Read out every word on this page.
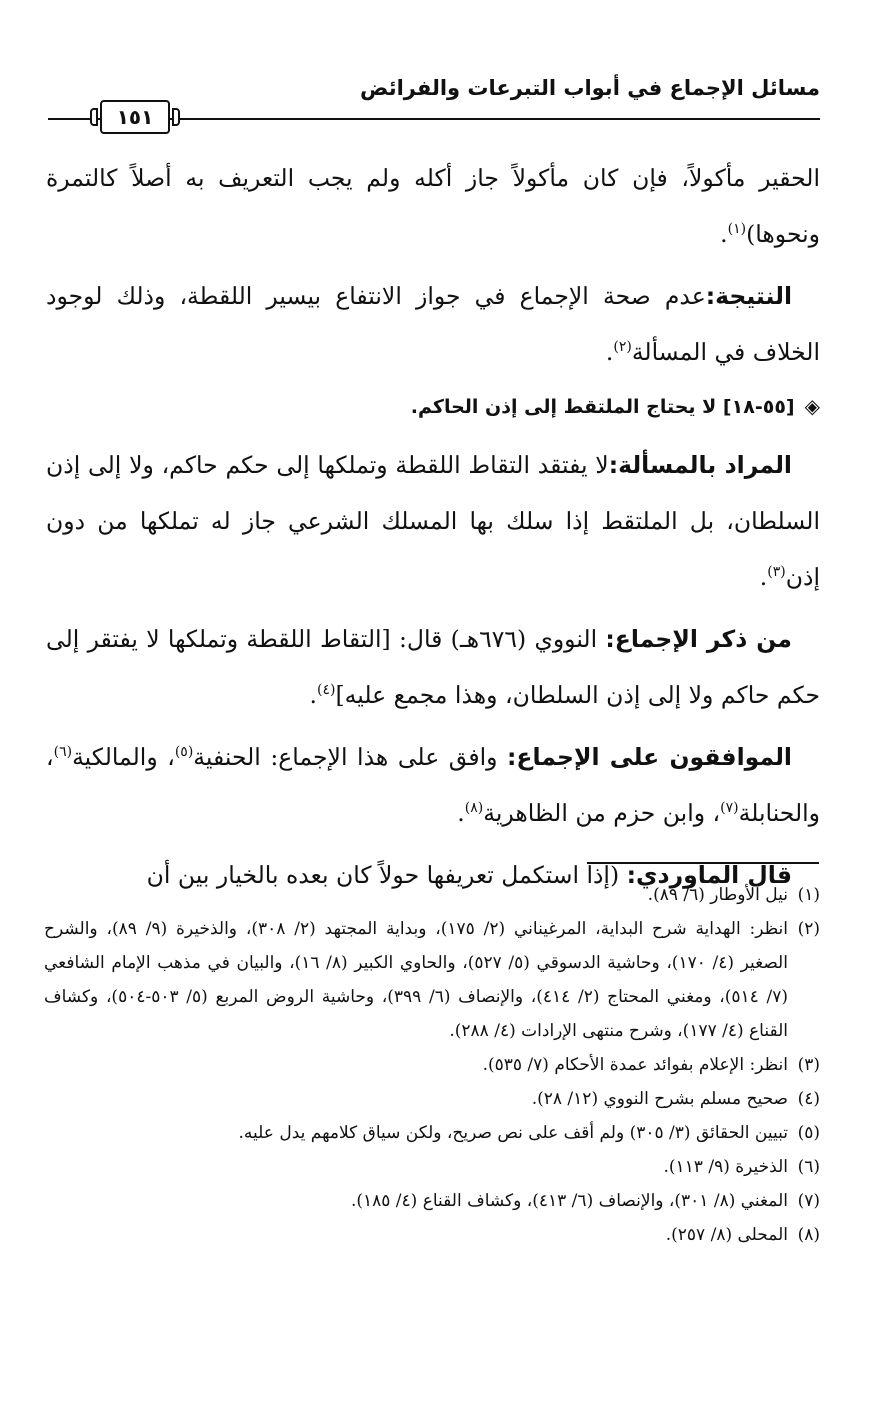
مسائل الإجماع في أبواب التبرعات والفرائض
١٥١

الحقير مأكولاً، فإن كان مأكولاً جاز أكله ولم يجب التعريف به أصلاً كالتمرة ونحوها)$^{(١)}$.

النتيجة:عدم صحة الإجماع في جواز الانتفاع بيسير اللقطة، وذلك لوجود الخلاف في المسألة$^{(٢)}$.

◈[٥٥-١٨] لا يحتاج الملتقط إلى إذن الحاكم.

المراد بالمسألة:لا يفتقد التقاط اللقطة وتملكها إلى حكم حاكم، ولا إلى إذن السلطان، بل الملتقط إذا سلك بها المسلك الشرعي جاز له تملكها من دون إذن$^{(٣)}$.

من ذكر الإجماع: النووي (٦٧٦هـ) قال: [التقاط اللقطة وتملكها لا يفتقر إلى حكم حاكم ولا إلى إذن السلطان، وهذا مجمع عليه]$^{(٤)}$.

الموافقون على الإجماع: وافق على هذا الإجماع: الحنفية$^{(٥)}$، والمالكية$^{(٦)}$، والحنابلة$^{(٧)}$، وابن حزم من الظاهرية$^{(٨)}$.

قال الماوردي: (إذا استكمل تعريفها حولاً كان بعده بالخيار بين أن

(١)
نيل الأوطار (٦/ ٨٩).
(٢)
انظر: الهداية شرح البداية، المرغيناني (٢/ ١٧٥)، وبداية المجتهد (٢/ ٣٠٨)، والذخيرة (٩/ ٨٩)، والشرح الصغير (٤/ ١٧٠)، وحاشية الدسوقي (٥/ ٥٢٧)، والحاوي الكبير (٨/ ١٦)، والبيان في مذهب الإمام الشافعي (٧/ ٥١٤)، ومغني المحتاج (٢/ ٤١٤)، والإنصاف (٦/ ٣٩٩)، وحاشية الروض المربع (٥/ ٥٠٣-٥٠٤)، وكشاف القناع (٤/ ١٧٧)، وشرح منتهى الإرادات (٤/ ٢٨٨).
(٣)
انظر: الإعلام بفوائد عمدة الأحكام (٧/ ٥٣٥).
(٤)
صحيح مسلم بشرح النووي (١٢/ ٢٨).
(٥)
تبيين الحقائق (٣/ ٣٠٥) ولم أقف على نص صريح، ولكن سياق كلامهم يدل عليه.
(٦)
الذخيرة (٩/ ١١٣).
(٧)
المغني (٨/ ٣٠١)، والإنصاف (٦/ ٤١٣)، وكشاف القناع (٤/ ١٨٥).
(٨)
المحلى (٨/ ٢٥٧).
